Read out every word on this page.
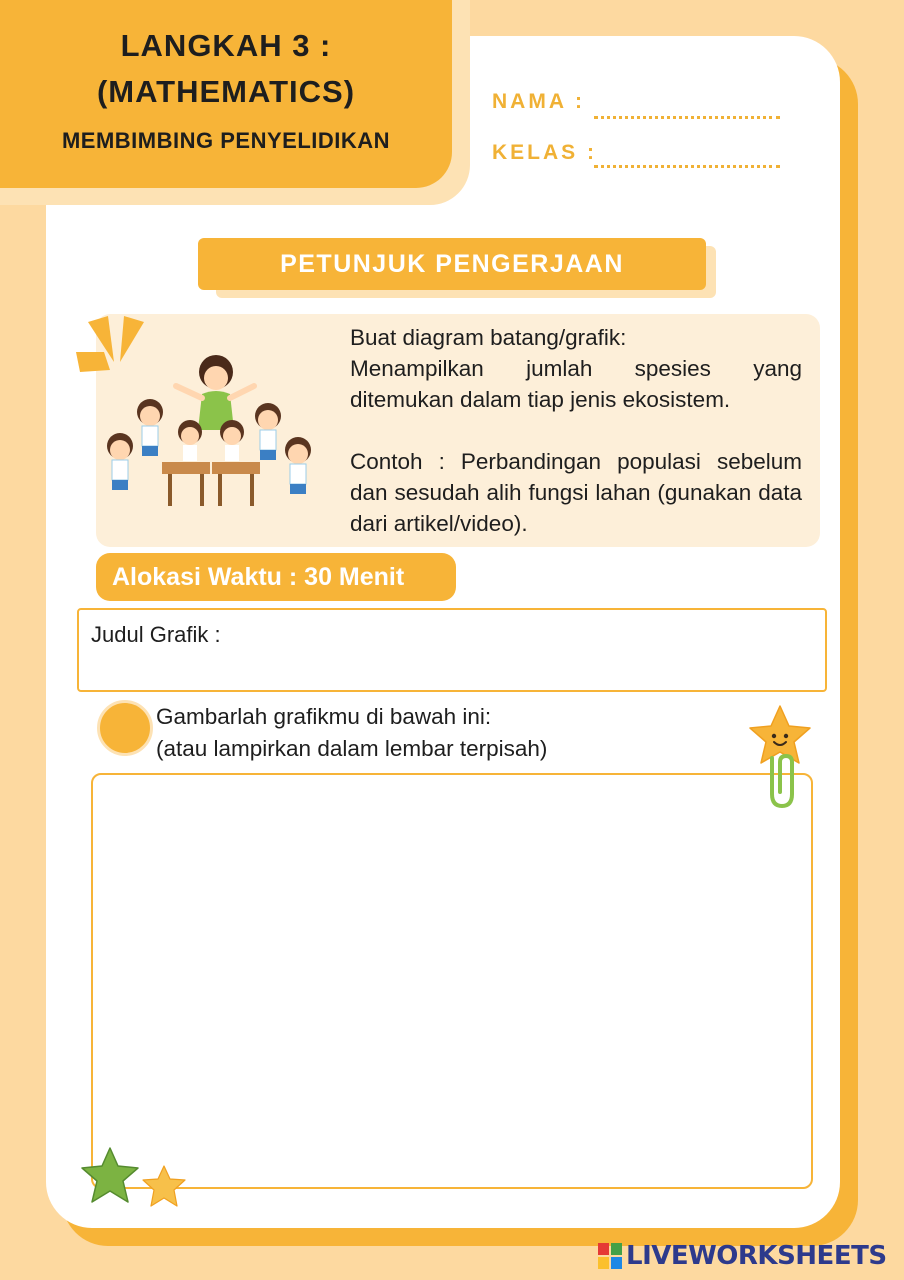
LANGKAH 3 :
(MATHEMATICS)
MEMBIMBING PENYELIDIKAN
NAMA :
KELAS :
PETUNJUK PENGERJAAN

Buat diagram batang/grafik:

Menampilkan jumlah spesies yang ditemukan dalam tiap jenis ekosistem.

Contoh : Perbandingan populasi sebelum dan sesudah alih fungsi lahan (gunakan data dari artikel/video).

Alokasi Waktu : 30 Menit
Judul Grafik :
Gambarlah grafikmu di bawah ini:
(atau lampirkan dalam lembar terpisah)
LIVEWORKSHEETS
